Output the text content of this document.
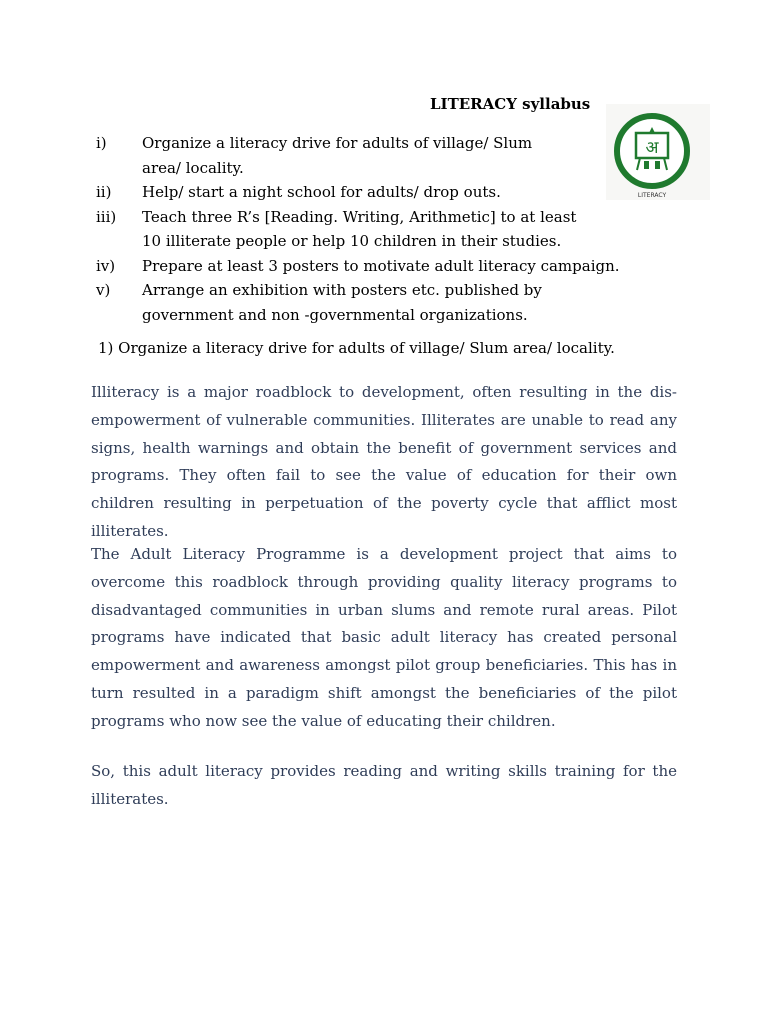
LITERACY syllabus
अ
LITERACY
i)	Organize a literacy drive for adults of village/ Slum area/ locality.
ii)	Help/ start a night school for adults/ drop outs.
iii)	Teach three R’s [Reading. Writing, Arithmetic] to at least 10 illiterate people or help 10 children in their studies.
iv)	Prepare at least 3 posters to motivate adult literacy campaign.
v)	Arrange an exhibition with posters etc. published by government and non -governmental organizations.
1) Organize a literacy drive for adults of village/ Slum area/ locality.

Illiteracy is a major roadblock to development, often resulting in the dis-empowerment of vulnerable communities. Illiterates are unable to read any signs, health warnings and obtain the benefit of government services and programs. They often fail to see the value of education for their own children resulting in perpetuation of the poverty cycle that afflict most illiterates.

The Adult Literacy Programme is a development project that aims to overcome this roadblock through providing quality literacy programs to disadvantaged communities in urban slums and remote rural areas. Pilot programs have indicated that basic adult literacy has created personal empowerment and awareness amongst pilot group beneficiaries. This has in turn resulted in a paradigm shift amongst the beneficiaries of the pilot programs who now see the value of educating their children.

So, this adult literacy provides reading and writing skills training for the illiterates.
